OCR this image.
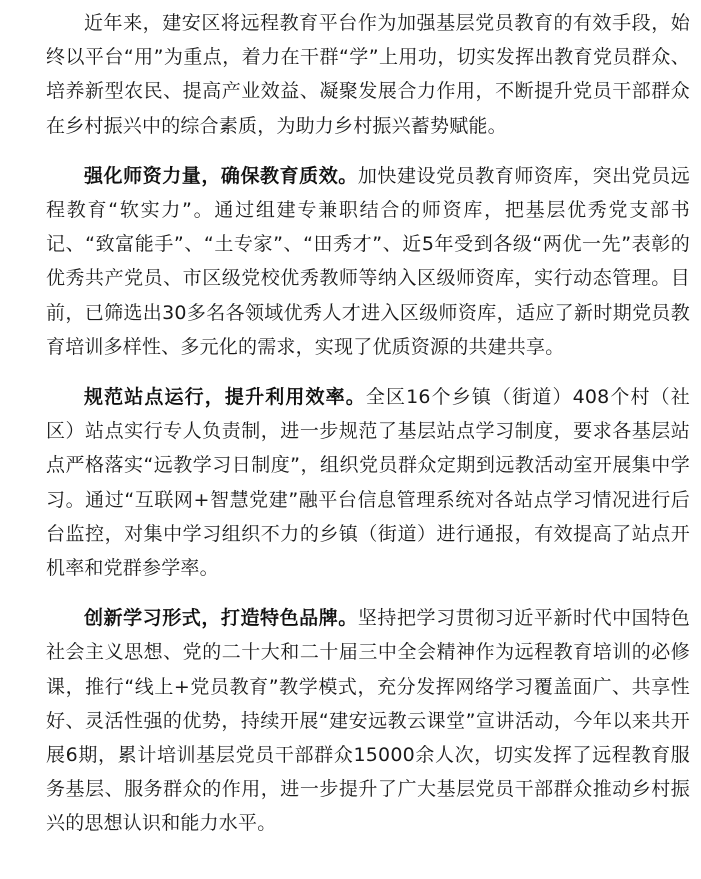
近年来，建安区将远程教育平台作为加强基层党员教育的有效手段，始终以平台“用”为重点，着力在干群“学”上用功，切实发挥出教育党员群众、培养新型农民、提高产业效益、凝聚发展合力作用，不断提升党员干部群众在乡村振兴中的综合素质，为助力乡村振兴蓄势赋能。

强化师资力量，确保教育质效。加快建设党员教育师资库，突出党员远程教育“软实力”。通过组建专兼职结合的师资库，把基层优秀党支部书记、“致富能手”、“土专家”、“田秀才”、近5年受到各级“两优一先”表彰的优秀共产党员、市区级党校优秀教师等纳入区级师资库，实行动态管理。目前，已筛选出30多名各领域优秀人才进入区级师资库，适应了新时期党员教育培训多样性、多元化的需求，实现了优质资源的共建共享。

规范站点运行，提升利用效率。全区16个乡镇（街道）408个村（社区）站点实行专人负责制，进一步规范了基层站点学习制度，要求各基层站点严格落实“远教学习日制度”，组织党员群众定期到远教活动室开展集中学习。通过“互联网+智慧党建”融平台信息管理系统对各站点学习情况进行后台监控，对集中学习组织不力的乡镇（街道）进行通报，有效提高了站点开机率和党群参学率。

创新学习形式，打造特色品牌。坚持把学习贯彻习近平新时代中国特色社会主义思想、党的二十大和二十届三中全会精神作为远程教育培训的必修课，推行“线上+党员教育”教学模式，充分发挥网络学习覆盖面广、共享性好、灵活性强的优势，持续开展“建安远教云课堂”宣讲活动，今年以来共开展6期，累计培训基层党员干部群众15000余人次，切实发挥了远程教育服务基层、服务群众的作用，进一步提升了广大基层党员干部群众推动乡村振兴的思想认识和能力水平。
